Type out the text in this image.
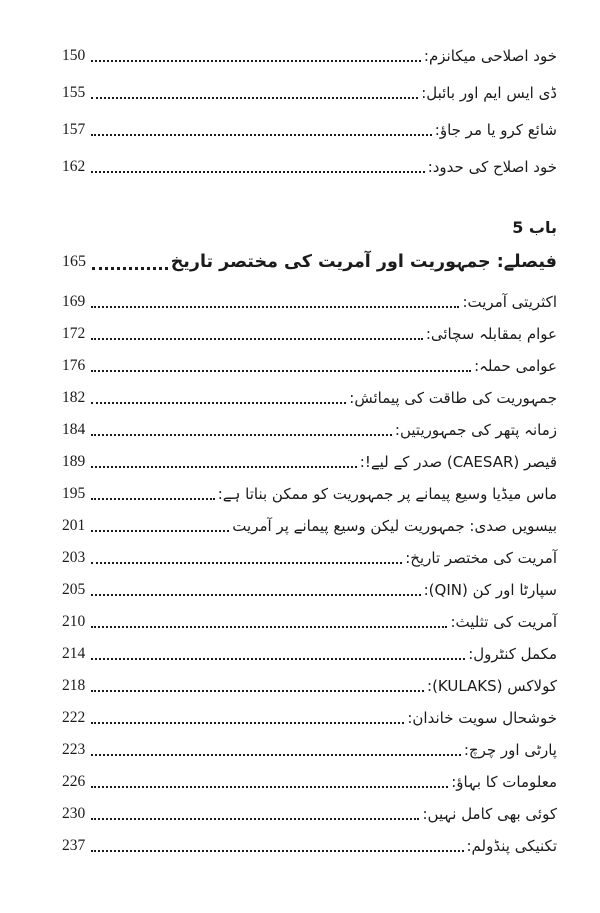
خود اصلاحی میکانزم:
150
ڈی ایس ایم اور بائبل:
155
شائع کرو یا مر جاؤ:
157
خود اصلاح کی حدود:
162
باب 5
فیصلے: جمہوریت اور آمریت کی مختصر تاریخ
165
اکثریتی آمریت:
169
عوام بمقابلہ سچائی:
172
عوامی حملہ:
176
جمہوریت کی طاقت کی پیمائش:
182
زمانہ پتھر کی جمہوریتیں:
184
قیصر (CAESAR) صدر کے لیے!:
189
ماس میڈیا وسیع پیمانے پر جمہوریت کو ممکن بناتا ہے:
195
بیسویں صدی: جمہوریت لیکن وسیع پیمانے پر آمریت
201
آمریت کی مختصر تاریخ:
203
سپارٹا اور کن (QIN):
205
آمریت کی تثلیث:
210
مکمل کنٹرول:
214
کولاکس (KULAKS):
218
خوشحال سویت خاندان:
222
پارٹی اور چرچ:
223
معلومات کا بہاؤ:
226
کوئی بھی کامل نہیں:
230
تکنیکی پنڈولم:
237
